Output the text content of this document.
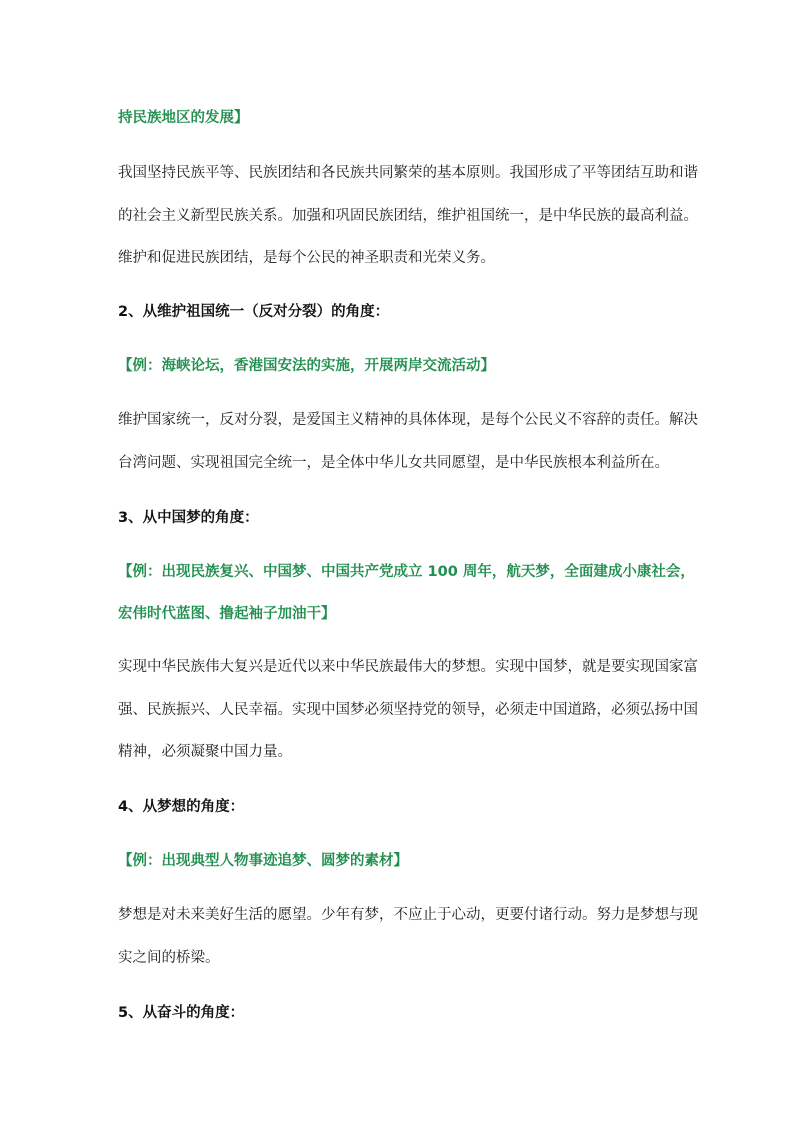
持民族地区的发展】
我国坚持民族平等、民族团结和各民族共同繁荣的基本原则。我国形成了平等团结互助和谐
的社会主义新型民族关系。加强和巩固民族团结，维护祖国统一，是中华民族的最高利益。
维护和促进民族团结，是每个公民的神圣职责和光荣义务。
2、从维护祖国统一（反对分裂）的角度：
【例：海峡论坛，香港国安法的实施，开展两岸交流活动】
维护国家统一，反对分裂，是爱国主义精神的具体体现，是每个公民义不容辞的责任。解决
台湾问题、实现祖国完全统一，是全体中华儿女共同愿望，是中华民族根本利益所在。
3、从中国梦的角度：
【例：出现民族复兴、中国梦、中国共产党成立 100 周年，航天梦，全面建成小康社会，
宏伟时代蓝图、撸起袖子加油干】
实现中华民族伟大复兴是近代以来中华民族最伟大的梦想。实现中国梦，就是要实现国家富
强、民族振兴、人民幸福。实现中国梦必须坚持党的领导，必须走中国道路，必须弘扬中国
精神，必须凝聚中国力量。
4、从梦想的角度：
【例：出现典型人物事迹追梦、圆梦的素材】
梦想是对未来美好生活的愿望。少年有梦，不应止于心动，更要付诸行动。努力是梦想与现
实之间的桥梁。
5、从奋斗的角度：
